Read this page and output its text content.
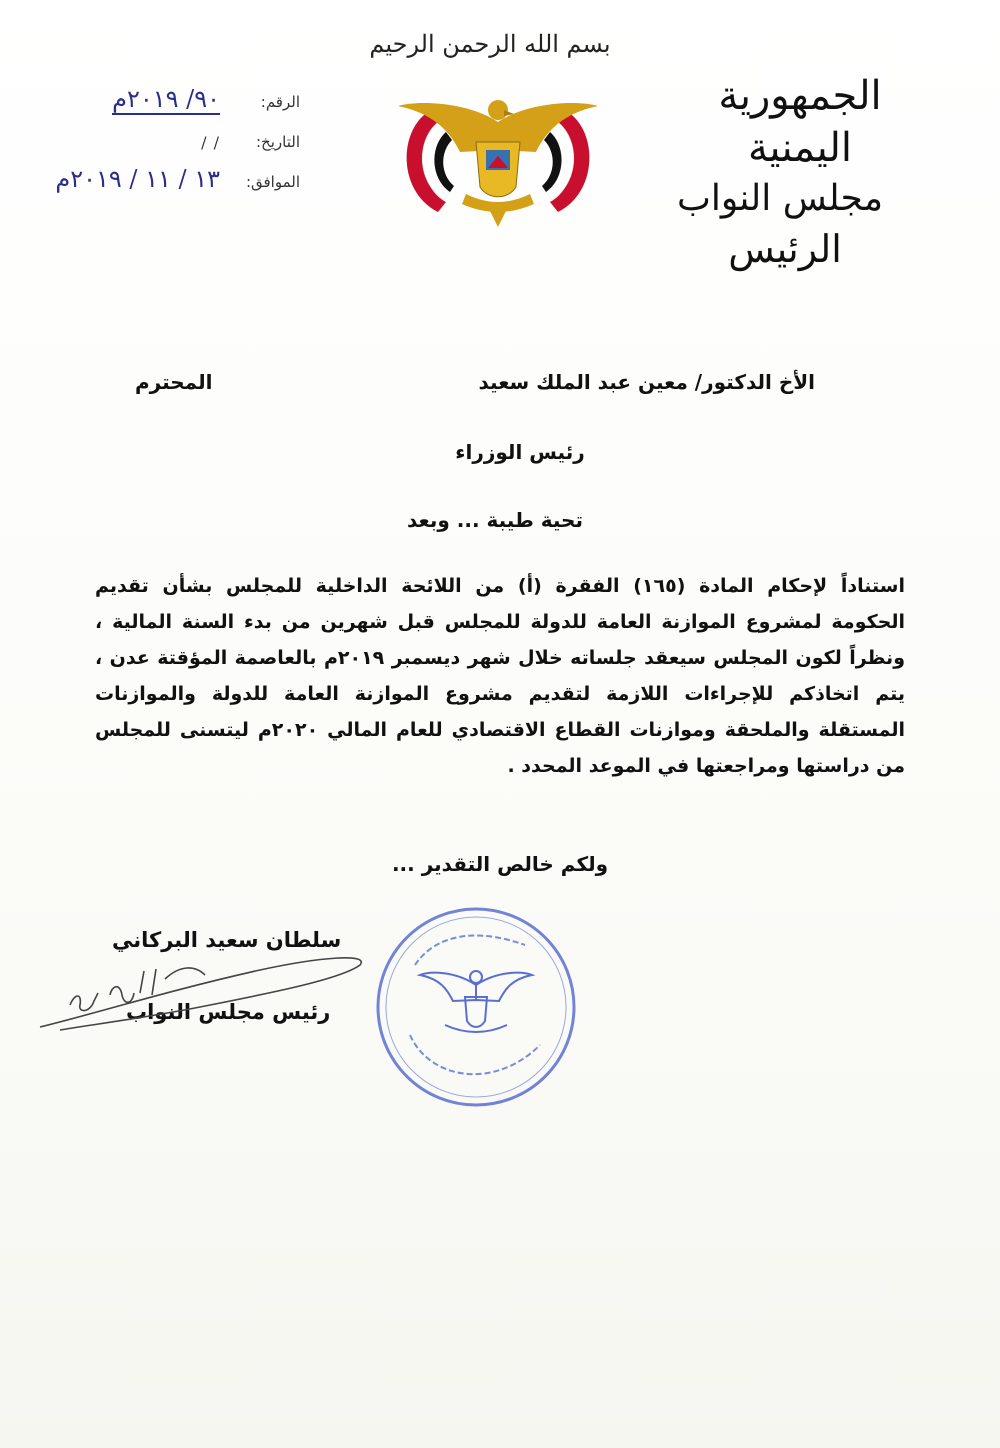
الجمهورية اليمنية
مجلس النواب
الرئيس
بسم الله الرحمن الرحيم
الرقم:
٩٠/ ٢٠١٩م
التاريخ:
/ /
الموافق:
١٣ / ١١ / ٢٠١٩م
الأخ الدكتور/ معين عبد الملك سعيد
المحترم
رئيس الوزراء
تحية طيبة ... وبعد
استناداً لإحكام المادة (١٦٥) الفقرة (أ) من اللائحة الداخلية للمجلس بشأن تقديم الحكومة لمشروع الموازنة العامة للدولة للمجلس قبل شهرين من بدء السنة المالية ، ونظراً لكون المجلس سيعقد جلساته خلال شهر ديسمبر ٢٠١٩م بالعاصمة المؤقتة عدن ، يتم اتخاذكم للإجراءات اللازمة لتقديم مشروع الموازنة العامة للدولة والموازنات المستقلة والملحقة وموازنات القطاع الاقتصادي للعام المالي ٢٠٢٠م ليتسنى للمجلس من دراستها ومراجعتها في الموعد المحدد .
ولكم خالص التقدير ...
سلطان سعيد البركاني
رئيس مجلس النواب
